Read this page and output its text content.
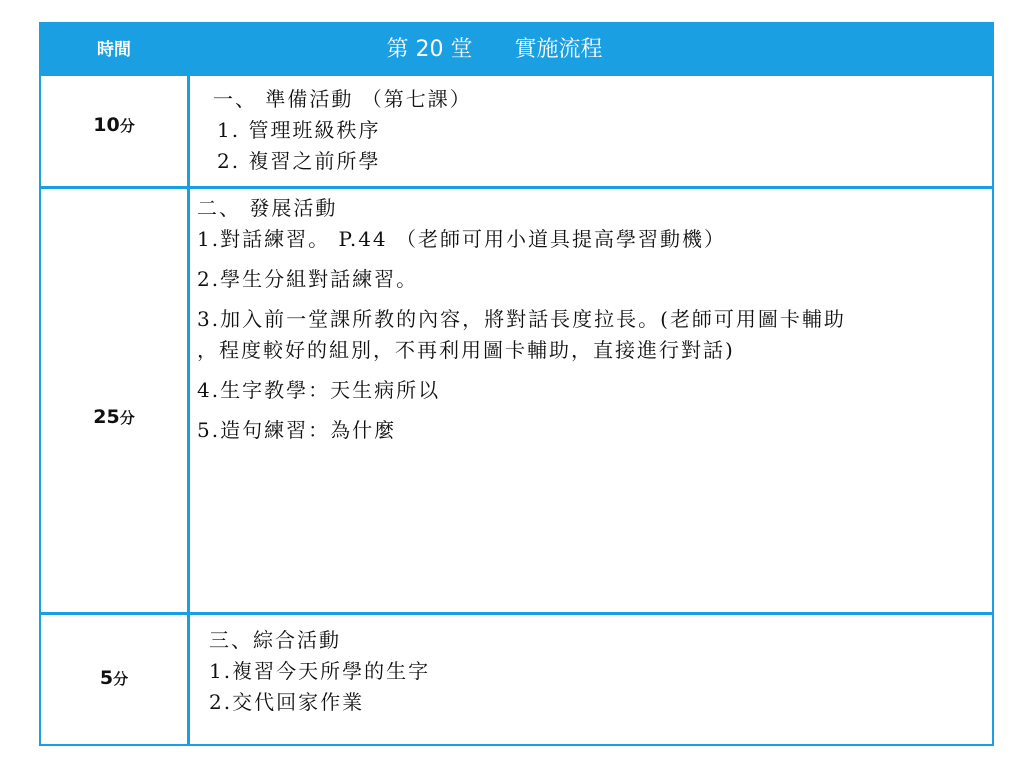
時間	第 20 堂      實施流程
10分
一、 準備活動 （第七課）
1. 管理班級秩序
2. 複習之前所學
25分
二、 發展活動
1.對話練習。 P.44 （老師可用小道具提高學習動機）
2.學生分組對話練習。
3.加入前一堂課所教的內容，將對話長度拉長。(老師可用圖卡輔助
，程度較好的組別，不再利用圖卡輔助，直接進行對話)
4.生字教學：天生病所以
5.造句練習：為什麼
5分
三、綜合活動
1.複習今天所學的生字
2.交代回家作業
